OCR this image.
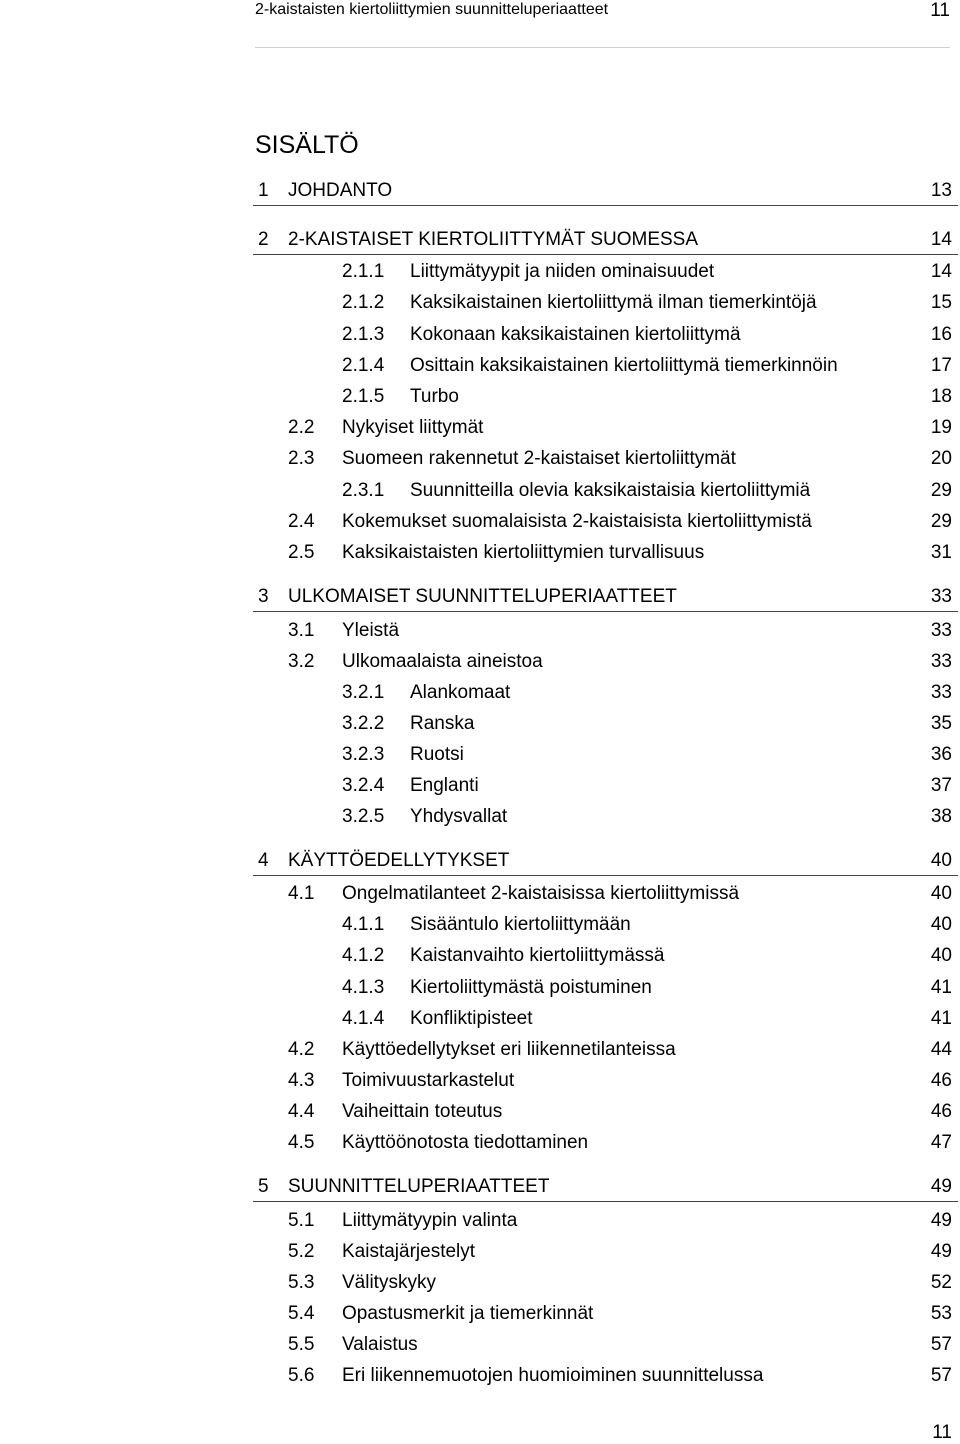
2-kaistaisten kiertoliittymien suunnitteluperiaatteet	11
SISÄLTÖ
1 JOHDANTO	13
2 2-KAISTAISET KIERTOLIITTYMÄT SUOMESSA	14
2.1.1 Liittymätyypit ja niiden ominaisuudet	14
2.1.2 Kaksikaistainen kiertoliittymä ilman tiemerkintöjä	15
2.1.3 Kokonaan kaksikaistainen kiertoliittymä	16
2.1.4 Osittain kaksikaistainen kiertoliittymä tiemerkinnöin	17
2.1.5 Turbo	18
2.2 Nykyiset liittymät	19
2.3 Suomeen rakennetut 2-kaistaiset kiertoliittymät	20
2.3.1 Suunnitteilla olevia kaksikaistaisia kiertoliittymiä	29
2.4 Kokemukset suomalaisista 2-kaistaisista kiertoliittymistä	29
2.5 Kaksikaistaisten kiertoliittymien turvallisuus	31
3 ULKOMAISET SUUNNITTELUPERIAATTEET	33
3.1 Yleistä	33
3.2 Ulkomaalaista aineistoa	33
3.2.1 Alankomaat	33
3.2.2 Ranska	35
3.2.3 Ruotsi	36
3.2.4 Englanti	37
3.2.5 Yhdysvallat	38
4 KÄYTTÖEDELLYTYKSET	40
4.1 Ongelmatilanteet 2-kaistaisissa kiertoliittymissä	40
4.1.1 Sisääntulo kiertoliittymään	40
4.1.2 Kaistanvaihto kiertoliittymässä	40
4.1.3 Kiertoliittymästä poistuminen	41
4.1.4 Konfliktipisteet	41
4.2 Käyttöedellytykset eri liikennetilanteissa	44
4.3 Toimivuustarkastelut	46
4.4 Vaiheittain toteutus	46
4.5 Käyttöönotosta tiedottaminen	47
5 SUUNNITTELUPERIAATTEET	49
5.1 Liittymätyypin valinta	49
5.2 Kaistajärjestelyt	49
5.3 Välityskyky	52
5.4 Opastusmerkit ja tiemerkinnät	53
5.5 Valaistus	57
5.6 Eri liikennemuotojen huomioiminen suunnittelussa	57
11
